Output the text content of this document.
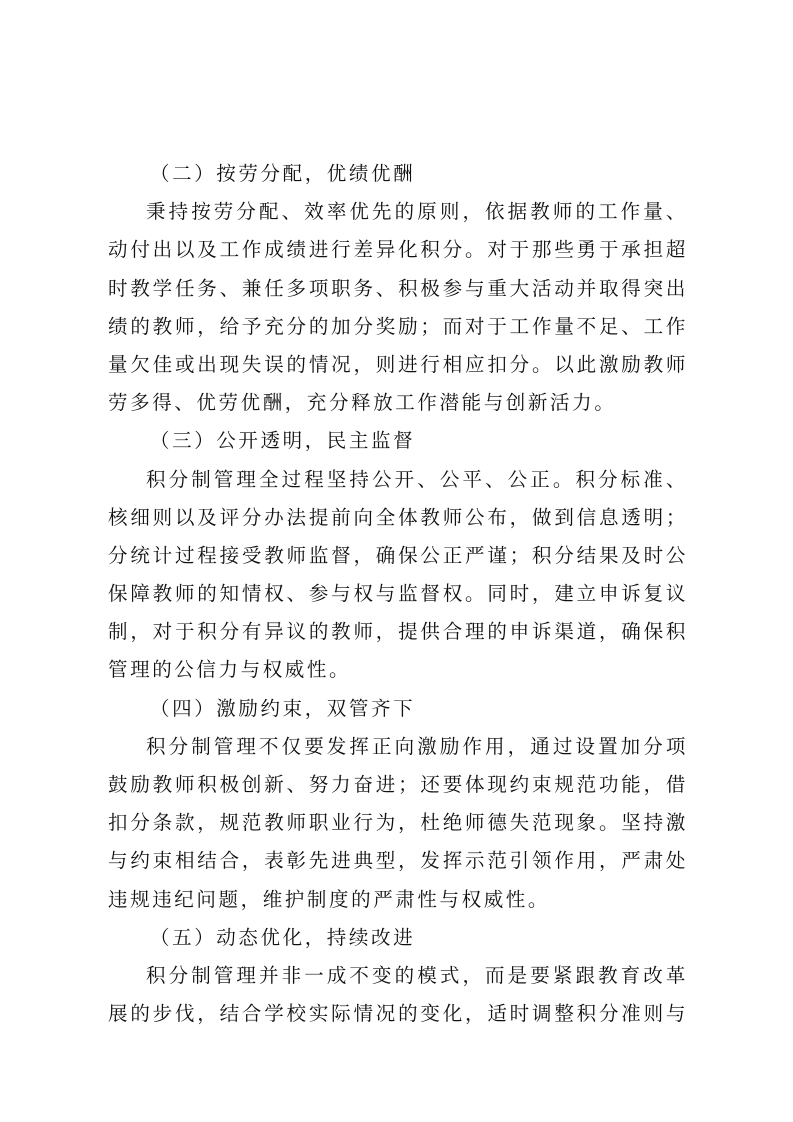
（二）按劳分配，优绩优酬

秉持按劳分配、效率优先的原则，依据教师的工作量、
动付出以及工作成绩进行差异化积分。对于那些勇于承担超
时教学任务、兼任多项职务、积极参与重大活动并取得突出
绩的教师，给予充分的加分奖励；而对于工作量不足、工作
量欠佳或出现失误的情况，则进行相应扣分。以此激励教师
劳多得、优劳优酬，充分释放工作潜能与创新活力。

（三）公开透明，民主监督

积分制管理全过程坚持公开、公平、公正。积分标准、
核细则以及评分办法提前向全体教师公布，做到信息透明；
分统计过程接受教师监督，确保公正严谨；积分结果及时公
保障教师的知情权、参与权与监督权。同时，建立申诉复议
制，对于积分有异议的教师，提供合理的申诉渠道，确保积
管理的公信力与权威性。

（四）激励约束，双管齐下

积分制管理不仅要发挥正向激励作用，通过设置加分项
鼓励教师积极创新、努力奋进；还要体现约束规范功能，借
扣分条款，规范教师职业行为，杜绝师德失范现象。坚持激
与约束相结合，表彰先进典型，发挥示范引领作用，严肃处
违规违纪问题，维护制度的严肃性与权威性。

（五）动态优化，持续改进

积分制管理并非一成不变的模式，而是要紧跟教育改革
展的步伐，结合学校实际情况的变化，适时调整积分准则与
